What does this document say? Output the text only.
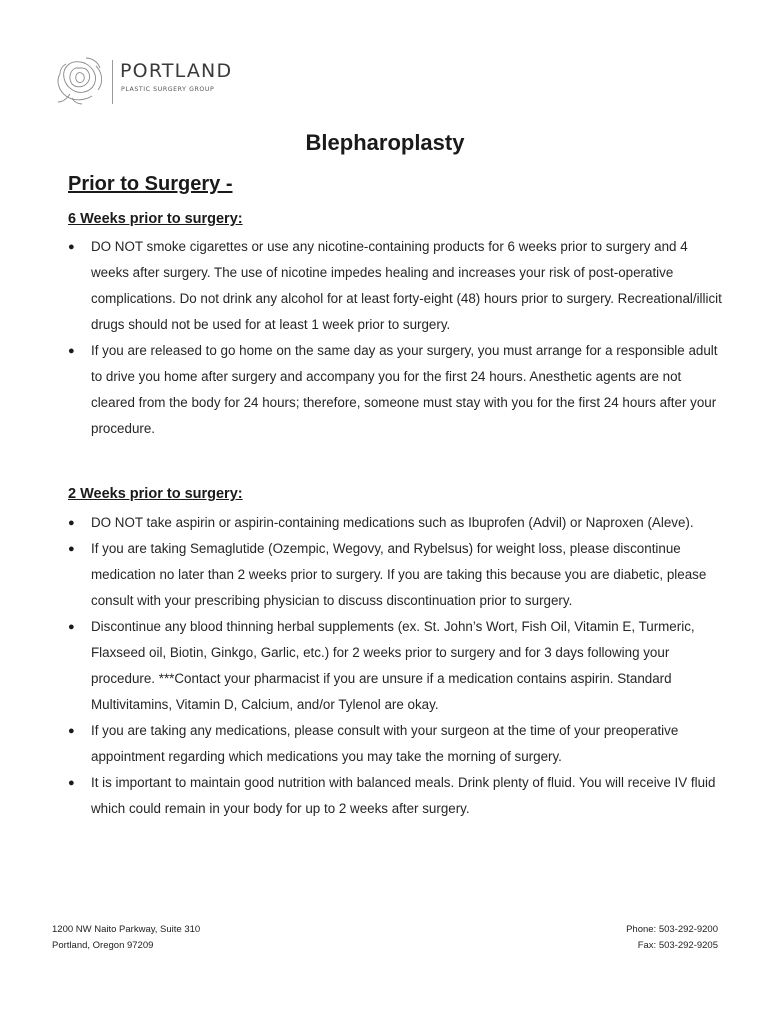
PORTLAND
PLASTIC SURGERY GROUP
Blepharoplasty
Prior to Surgery -
6 Weeks prior to surgery:
● DO NOT smoke cigarettes or use any nicotine-containing products for 6 weeks prior to surgery and 4 weeks after surgery. The use of nicotine impedes healing and increases your risk of post-operative complications. Do not drink any alcohol for at least forty-eight (48) hours prior to surgery. Recreational/illicit drugs should not be used for at least 1 week prior to surgery.
● If you are released to go home on the same day as your surgery, you must arrange for a responsible adult to drive you home after surgery and accompany you for the first 24 hours. Anesthetic agents are not cleared from the body for 24 hours; therefore, someone must stay with you for the first 24 hours after your procedure.
2 Weeks prior to surgery:
● DO NOT take aspirin or aspirin-containing medications such as Ibuprofen (Advil) or Naproxen (Aleve).
● If you are taking Semaglutide (Ozempic, Wegovy, and Rybelsus) for weight loss, please discontinue medication no later than 2 weeks prior to surgery. If you are taking this because you are diabetic, please consult with your prescribing physician to discuss discontinuation prior to surgery.
● Discontinue any blood thinning herbal supplements (ex. St. John’s Wort, Fish Oil, Vitamin E, Turmeric, Flaxseed oil, Biotin, Ginkgo, Garlic, etc.) for 2 weeks prior to surgery and for 3 days following your procedure. ***Contact your pharmacist if you are unsure if a medication contains aspirin. Standard Multivitamins, Vitamin D, Calcium, and/or Tylenol are okay.
● If you are taking any medications, please consult with your surgeon at the time of your preoperative appointment regarding which medications you may take the morning of surgery.
● It is important to maintain good nutrition with balanced meals. Drink plenty of fluid. You will receive IV fluid which could remain in your body for up to 2 weeks after surgery.
1200 NW Naito Parkway, Suite 310
Portland, Oregon 97209
Phone: 503-292-9200
Fax: 503-292-9205
